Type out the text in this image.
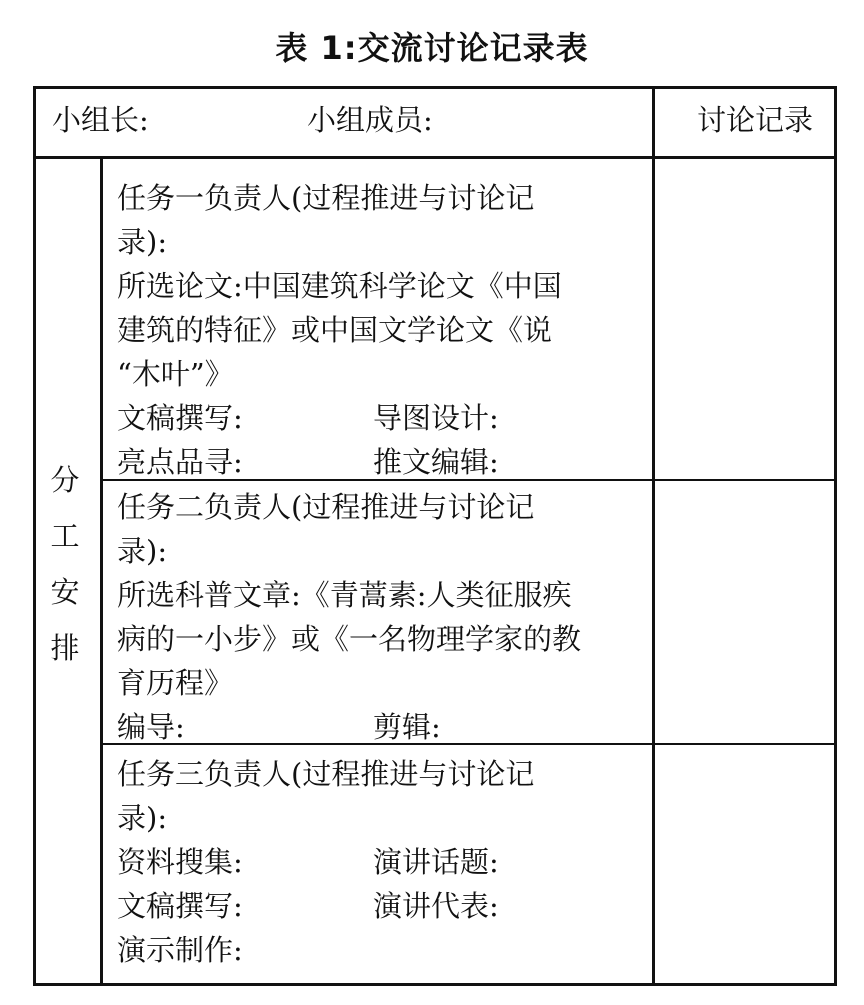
表 1:交流讨论记录表
小组长:	小组成员:	讨论记录
分
工
安
排
任务一负责人(过程推进与讨论记
录):
所选论文:中国建筑科学论文《中国
建筑的特征》或中国文学论文《说
“木叶”》
文稿撰写:	导图设计:
亮点品寻:	推文编辑:
任务二负责人(过程推进与讨论记
录):
所选科普文章:《青蒿素:人类征服疾
病的一小步》或《一名物理学家的教
育历程》
编导:	剪辑:
任务三负责人(过程推进与讨论记
录):
资料搜集:	演讲话题:
文稿撰写:	演讲代表:
演示制作:
